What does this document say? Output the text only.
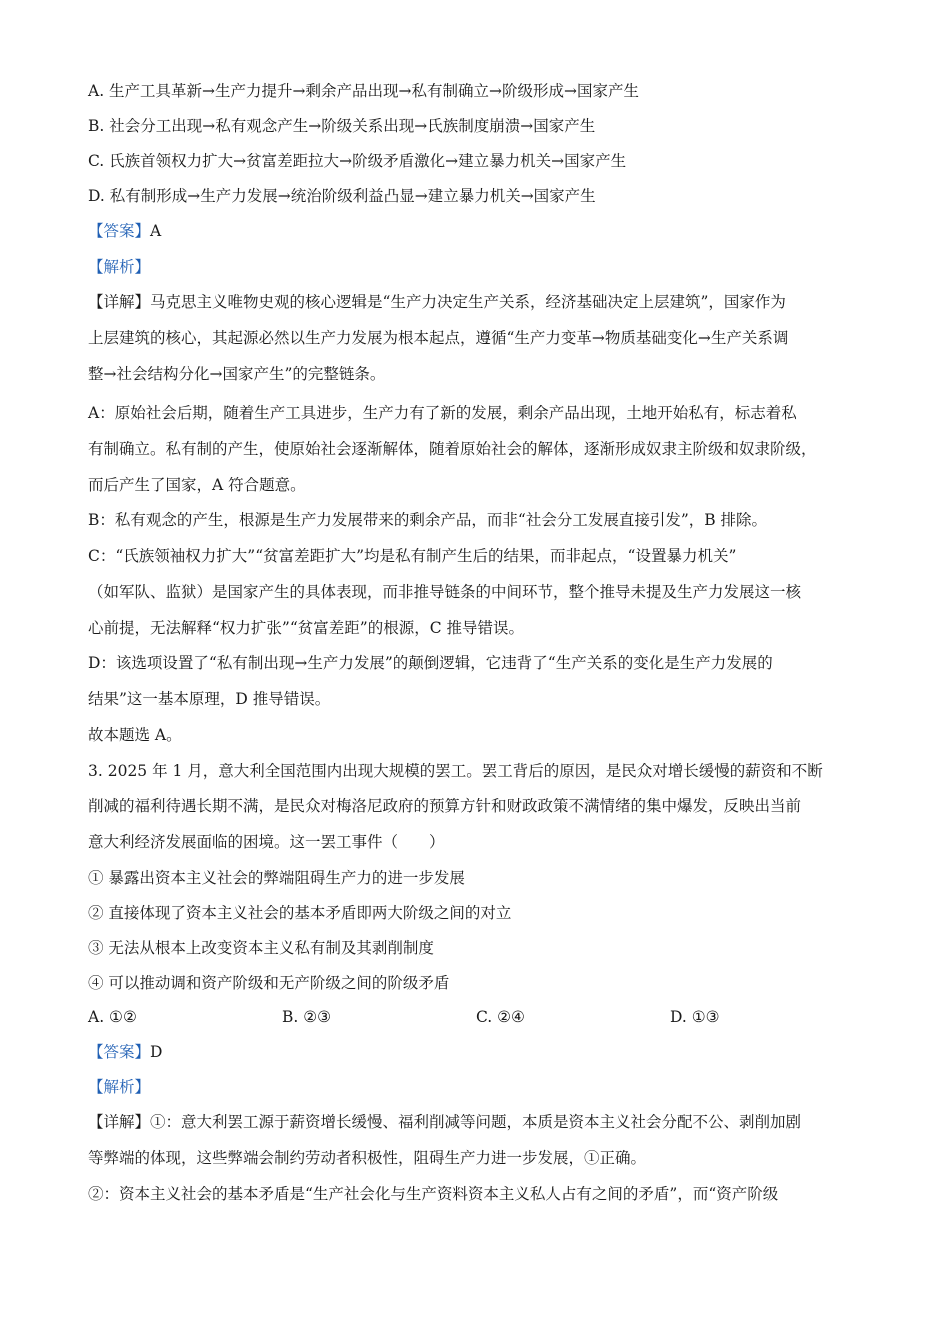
A. 生产工具革新→生产力提升→剩余产品出现→私有制确立→阶级形成→国家产生
B. 社会分工出现→私有观念产生→阶级关系出现→氏族制度崩溃→国家产生
C. 氏族首领权力扩大→贫富差距拉大→阶级矛盾激化→建立暴力机关→国家产生
D. 私有制形成→生产力发展→统治阶级利益凸显→建立暴力机关→国家产生
【答案】A
【解析】
【详解】马克思主义唯物史观的核心逻辑是“生产力决定生产关系，经济基础决定上层建筑”，国家作为
上层建筑的核心，其起源必然以生产力发展为根本起点，遵循“生产力变革→物质基础变化→生产关系调
整→社会结构分化→国家产生”的完整链条。
A：原始社会后期，随着生产工具进步，生产力有了新的发展，剩余产品出现，土地开始私有，标志着私
有制确立。私有制的产生，使原始社会逐渐解体，随着原始社会的解体，逐渐形成奴隶主阶级和奴隶阶级，
而后产生了国家，A 符合题意。
B：私有观念的产生，根源是生产力发展带来的剩余产品，而非“社会分工发展直接引发”，B 排除。
C：“氏族领袖权力扩大”“贫富差距扩大”均是私有制产生后的结果，而非起点，“设置暴力机关”
（如军队、监狱）是国家产生的具体表现，而非推导链条的中间环节，整个推导未提及生产力发展这一核
心前提，无法解释“权力扩张”“贫富差距”的根源，C 推导错误。
D：该选项设置了“私有制出现→生产力发展”的颠倒逻辑，它违背了“生产关系的变化是生产力发展的
结果”这一基本原理，D 推导错误。
故本题选 A。
3. 2025 年 1 月，意大利全国范围内出现大规模的罢工。罢工背后的原因，是民众对增长缓慢的薪资和不断
削减的福利待遇长期不满，是民众对梅洛尼政府的预算方针和财政政策不满情绪的集中爆发，反映出当前
意大利经济发展面临的困境。这一罢工事件（　　）
① 暴露出资本主义社会的弊端阻碍生产力的进一步发展
② 直接体现了资本主义社会的基本矛盾即两大阶级之间的对立
③ 无法从根本上改变资本主义私有制及其剥削制度
④ 可以推动调和资产阶级和无产阶级之间的阶级矛盾
A. ①②	B. ②③	C. ②④	D. ①③
【答案】D
【解析】
【详解】①：意大利罢工源于薪资增长缓慢、福利削减等问题，本质是资本主义社会分配不公、剥削加剧
等弊端的体现，这些弊端会制约劳动者积极性，阻碍生产力进一步发展，①正确。
②：资本主义社会的基本矛盾是“生产社会化与生产资料资本主义私人占有之间的矛盾”，而“资产阶级
